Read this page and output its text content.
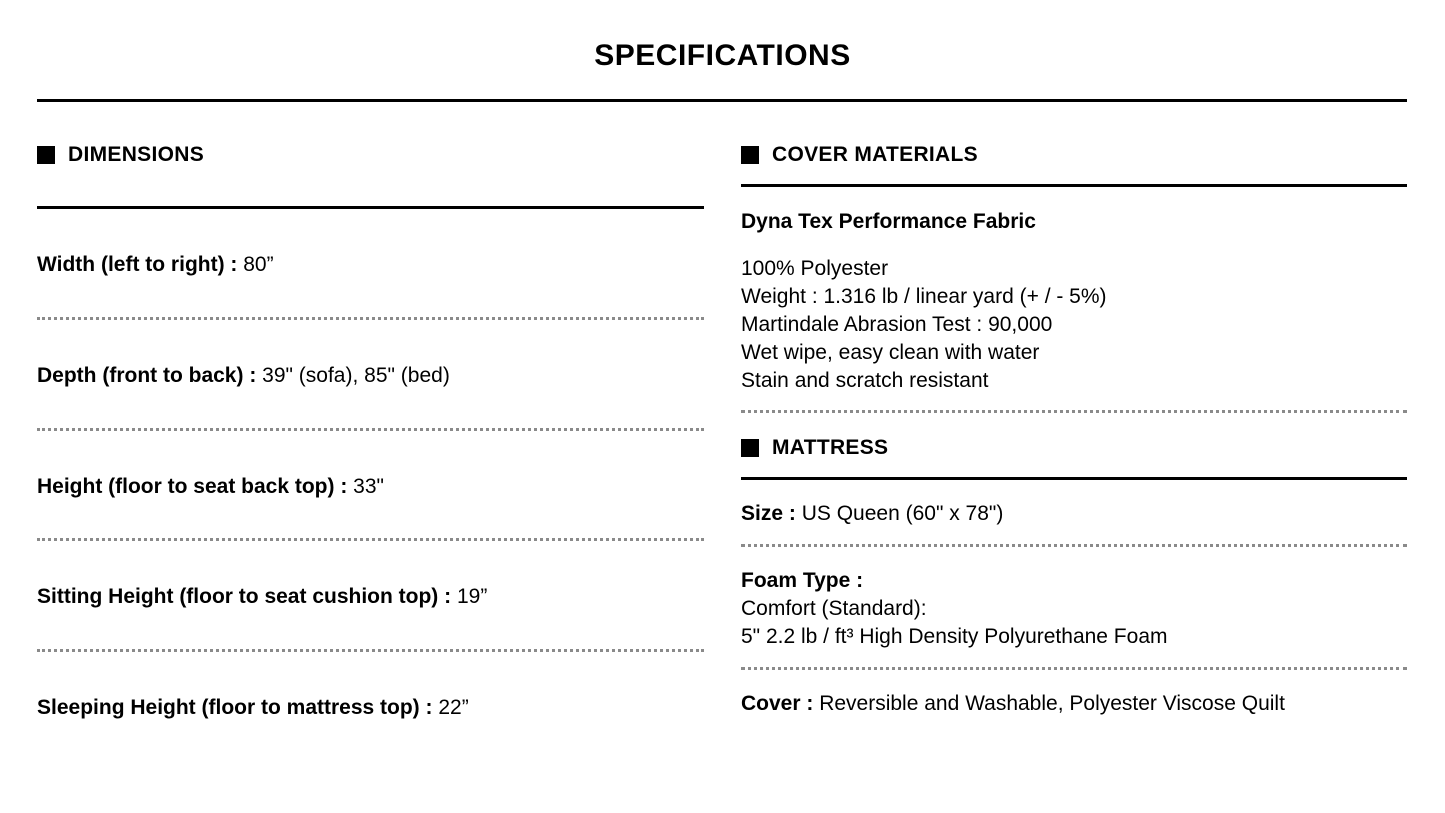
SPECIFICATIONS
DIMENSIONS
Width (left to right) : 80”
Depth (front to back) : 39" (sofa), 85" (bed)
Height (floor to seat back top) : 33"
Sitting Height (floor to seat cushion top) : 19”
Sleeping Height (floor to mattress top) : 22”
COVER MATERIALS
Dyna Tex Performance Fabric
100% Polyester
Weight : 1.316 lb / linear yard (+ / - 5%)
Martindale Abrasion Test : 90,000
Wet wipe, easy clean with water
Stain and scratch resistant
MATTRESS
Size : US Queen (60" x 78")
Foam Type :
Comfort (Standard):
5" 2.2 lb / ft³ High Density Polyurethane Foam
Cover : Reversible and Washable, Polyester Viscose Quilt
